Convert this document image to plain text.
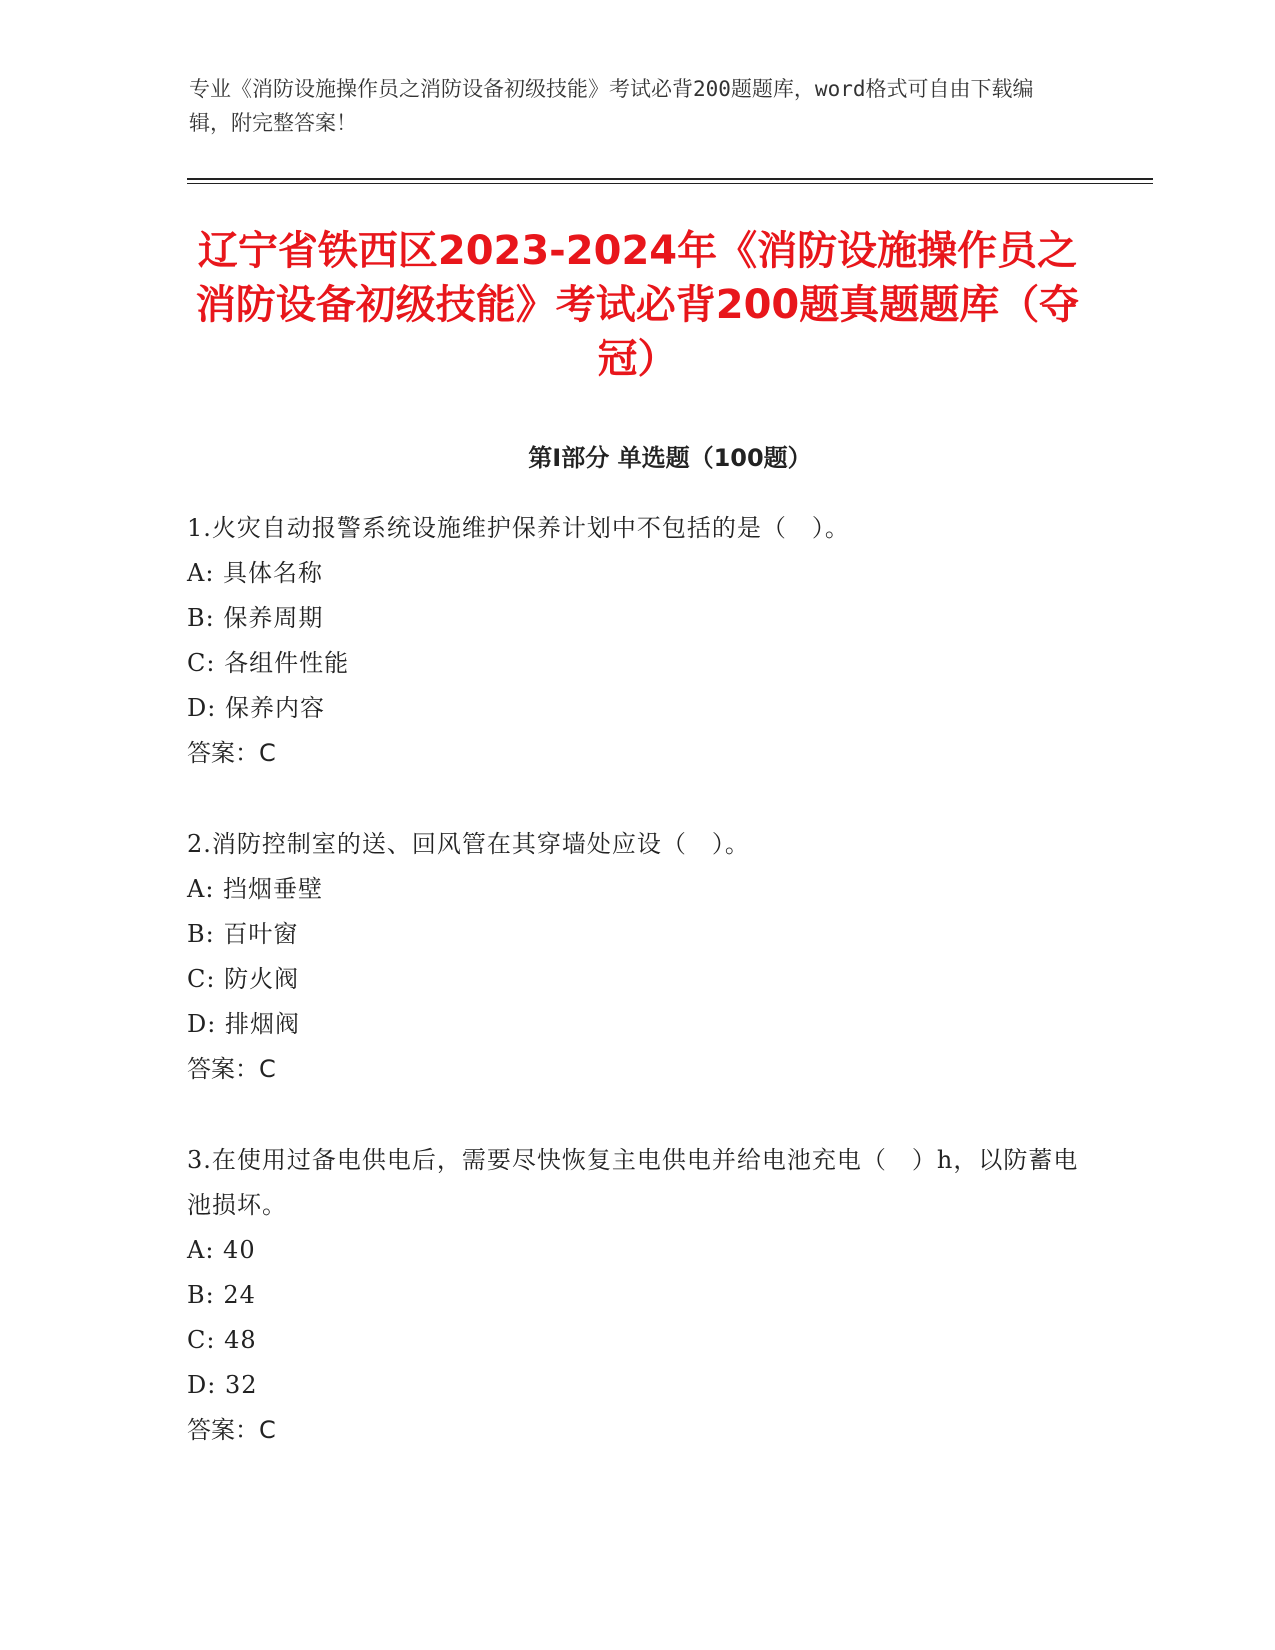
专业《消防设施操作员之消防设备初级技能》考试必背200题题库，word格式可自由下载编辑，附完整答案！
辽宁省铁西区2023-2024年《消防设施操作员之消防设备初级技能》考试必背200题真题题库（夺冠）
第Ⅰ部分 单选题（100题）
1.火灾自动报警系统设施维护保养计划中不包括的是（　）。
A: 具体名称
B: 保养周期
C: 各组件性能
D: 保养内容
答案：C
2.消防控制室的送、回风管在其穿墙处应设（　）。
A: 挡烟垂壁
B: 百叶窗
C: 防火阀
D: 排烟阀
答案：C
3.在使用过备电供电后，需要尽快恢复主电供电并给电池充电（　）h，以防蓄电池损坏。
A: 40
B: 24
C: 48
D: 32
答案：C
